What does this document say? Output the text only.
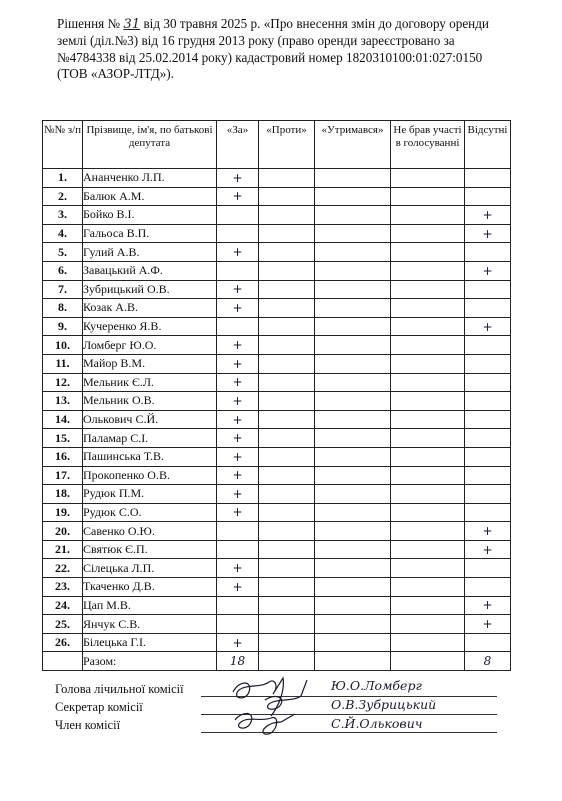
Рішення № 31 від 30 травня 2025 р. «Про внесення змін до договору оренди
землі (діл.№3) від 16 грудня 2013 року (право оренди зареєстровано за
№4784338 від 25.02.2014 року) кадастровий номер 1820310100:01:027:0150
(ТОВ «АЗОР-ЛТД»).
№№ з/п	Прізвище, ім'я, по батькові депутата	«За»	«Проти»	«Утримався»	Не брав участі в голосуванні	Відсутні
1.	Ананченко Л.П.	+				
2.	Балюк А.М.	+				
3.	Бойко В.І.					+
4.	Гальоса В.П.					+
5.	Гулий А.В.	+				
6.	Завацький А.Ф.					+
7.	Зубрицький О.В.	+				
8.	Козак А.В.	+				
9.	Кучеренко Я.В.					+
10.	Ломберг Ю.О.	+				
11.	Майор В.М.	+				
12.	Мельник Є.Л.	+				
13.	Мельник О.В.	+				
14.	Олькович С.Й.	+				
15.	Паламар С.І.	+				
16.	Пашинська Т.В.	+				
17.	Прокопенко О.В.	+				
18.	Рудюк П.М.	+				
19.	Рудюк С.О.	+				
20.	Савенко О.Ю.					+
21.	Святюк Є.П.					+
22.	Сілецька Л.П.	+				
23.	Ткаченко Д.В.	+				
24.	Цап М.В.					+
25.	Янчук С.В.					+
26.	Білецька Г.І.	+				
	Разом:	18				8
Голова лічильної комісії	Ю.О.Ломберг
Секретар комісії	О.В.Зубрицький
Член комісії	С.Й.Олькович
